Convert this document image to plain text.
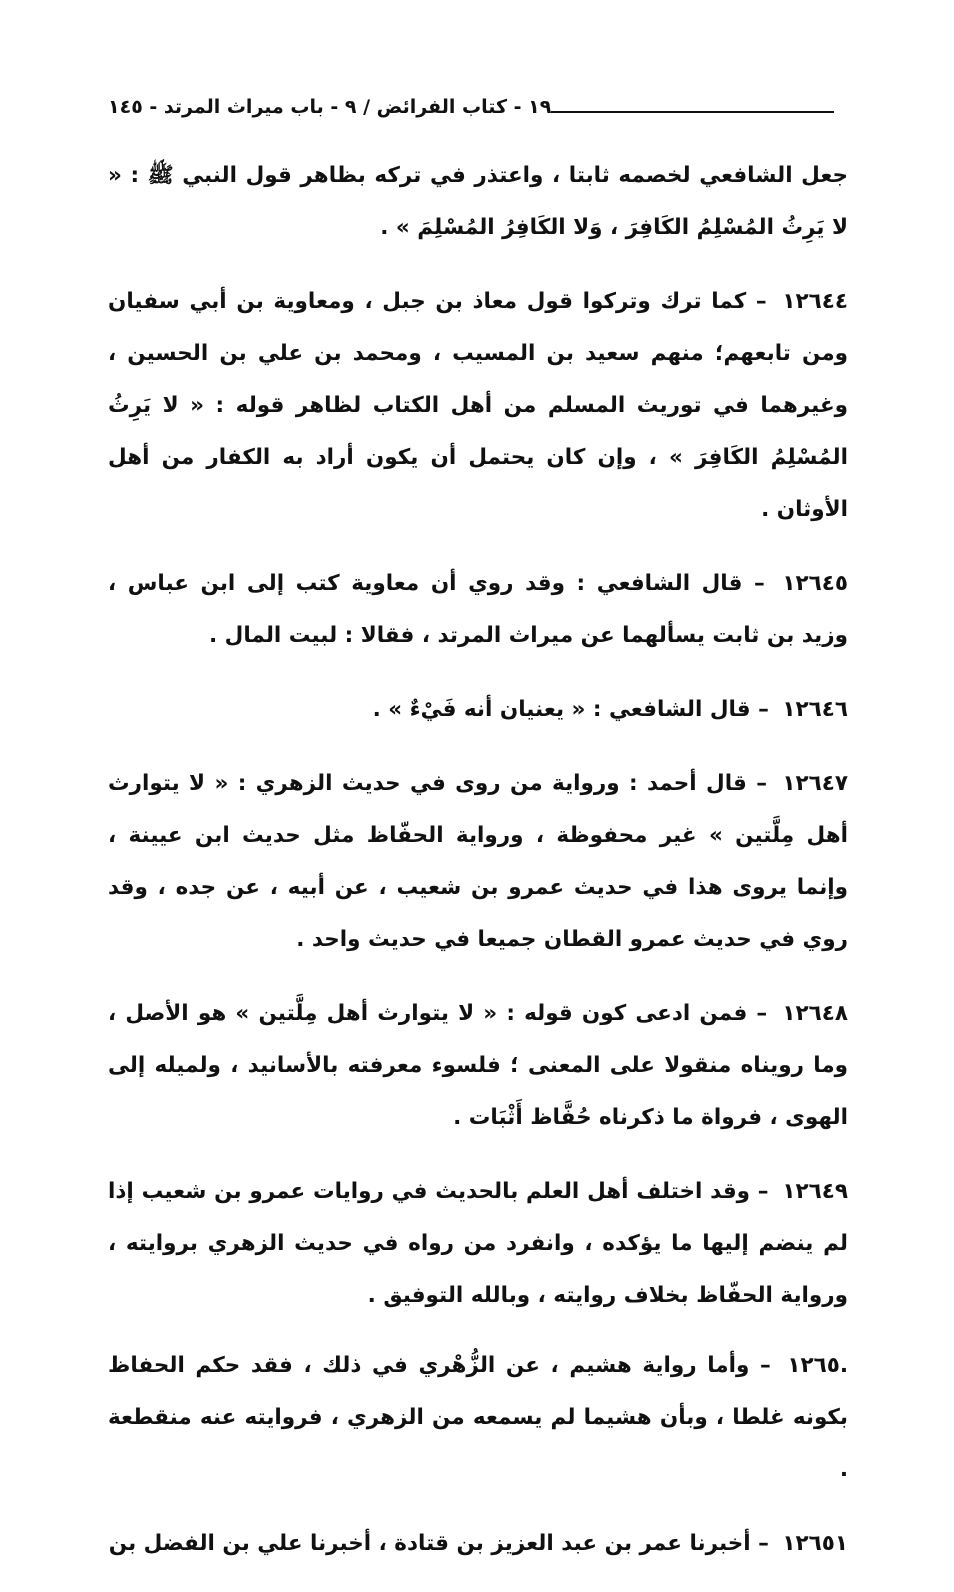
١٩ - كتاب الفرائض / ٩ - باب ميراث المرتد - ١٤٥

جعل الشافعي لخصمه ثابتا ، واعتذر في تركه بظاهر قول النبي ﷺ : « لا يَرِثُ المُسْلِمُ الكَافِرَ ، وَلا الكَافِرُ المُسْلِمَ » .

١٢٦٤٤ – كما ترك وتركوا قول معاذ بن جبل ، ومعاوية بن أبي سفيان ومن تابعهم؛ منهم سعيد بن المسيب ، ومحمد بن علي بن الحسين ، وغيرهما في توريث المسلم من أهل الكتاب لظاهر قوله : « لا يَرِثُ المُسْلِمُ الكَافِرَ » ، وإن كان يحتمل أن يكون أراد به الكفار من أهل الأوثان .

١٢٦٤٥ – قال الشافعي : وقد روي أن معاوية كتب إلى ابن عباس ، وزيد بن ثابت يسألهما عن ميراث المرتد ، فقالا : لبيت المال .

١٢٦٤٦ – قال الشافعي : « يعنيان أنه فَيْءٌ » .

١٢٦٤٧ – قال أحمد : ورواية من روى في حديث الزهري : « لا يتوارث أهل مِلَّتين » غير محفوظة ، ورواية الحفّاظ مثل حديث ابن عيينة ، وإنما يروى هذا في حديث عمرو بن شعيب ، عن أبيه ، عن جده ، وقد روي في حديث عمرو القطان جميعا في حديث واحد .

١٢٦٤٨ – فمن ادعى كون قوله : « لا يتوارث أهل مِلَّتين » هو الأصل ، وما رويناه منقولا على المعنى ؛ فلسوء معرفته بالأسانيد ، ولميله إلى الهوى ، فرواة ما ذكرناه حُفَّاظ أَثْبَات .

١٢٦٤٩ – وقد اختلف أهل العلم بالحديث في روايات عمرو بن شعيب إذا لم ينضم إليها ما يؤكده ، وانفرد من رواه في حديث الزهري بروايته ، ورواية الحفّاظ بخلاف روايته ، وبالله التوفيق .

.١٢٦٥ – وأما رواية هشيم ، عن الزُّهْري في ذلك ، فقد حكم الحفاظ بكونه غلطا ، وبأن هشيما لم يسمعه من الزهري ، فروايته عنه منقطعة .

١٢٦٥١ – أخبرنا عمر بن عبد العزيز بن قتادة ، أخبرنا علي بن الفضل بن
